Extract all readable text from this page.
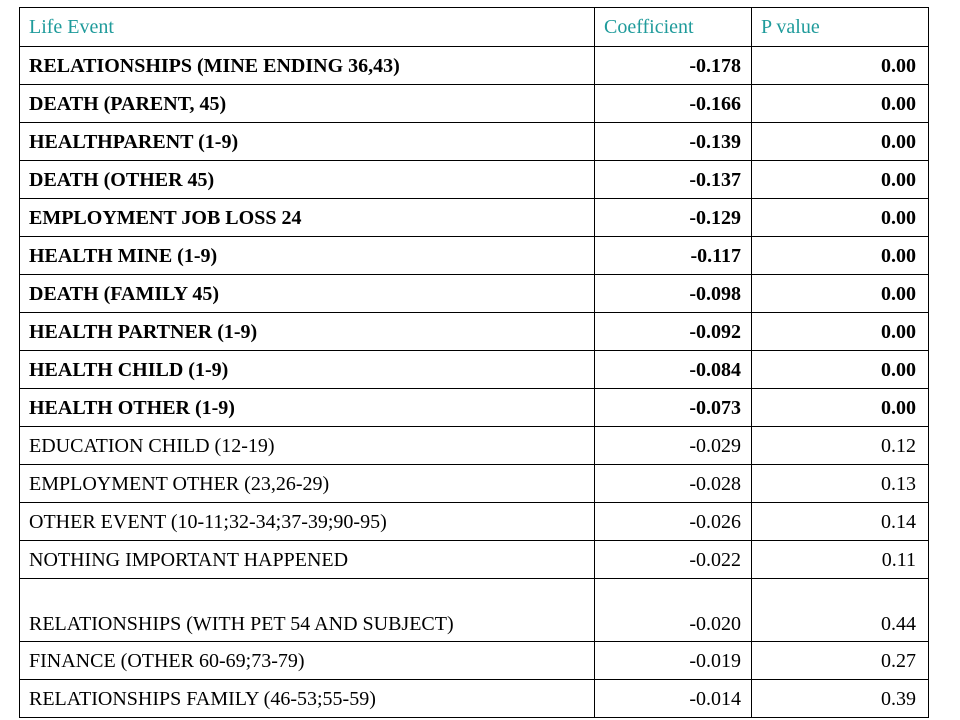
Life Event	Coefficient	P value
RELATIONSHIPS (MINE ENDING 36,43)	-0.178	0.00
DEATH (PARENT, 45)	-0.166	0.00
HEALTHPARENT (1-9)	-0.139	0.00
DEATH (OTHER 45)	-0.137	0.00
EMPLOYMENT JOB LOSS 24	-0.129	0.00
HEALTH MINE (1-9)	-0.117	0.00
DEATH (FAMILY 45)	-0.098	0.00
HEALTH PARTNER (1-9)	-0.092	0.00
HEALTH CHILD (1-9)	-0.084	0.00
HEALTH OTHER (1-9)	-0.073	0.00
EDUCATION CHILD (12-19)	-0.029	0.12
EMPLOYMENT OTHER (23,26-29)	-0.028	0.13
OTHER EVENT (10-11;32-34;37-39;90-95)	-0.026	0.14
NOTHING IMPORTANT HAPPENED	-0.022	0.11
RELATIONSHIPS (WITH PET 54 AND SUBJECT)	-0.020	0.44
FINANCE (OTHER 60-69;73-79)	-0.019	0.27
RELATIONSHIPS FAMILY (46-53;55-59)	-0.014	0.39
